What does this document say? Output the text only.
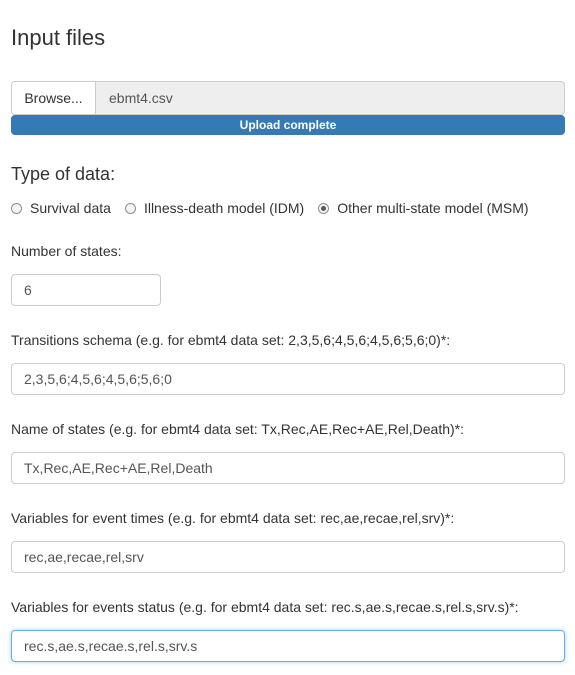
Input files
Browse...	ebmt4.csv
Upload complete
Type of data:
Survival data Illness-death model (IDM) Other multi-state model (MSM)
Number of states:
6
Transitions schema (e.g. for ebmt4 data set: 2,3,5,6;4,5,6;4,5,6;5,6;0)*:
2,3,5,6;4,5,6;4,5,6;5,6;0
Name of states (e.g. for ebmt4 data set: Tx,Rec,AE,Rec+AE,Rel,Death)*:
Tx,Rec,AE,Rec+AE,Rel,Death
Variables for event times (e.g. for ebmt4 data set: rec,ae,recae,rel,srv)*:
rec,ae,recae,rel,srv
Variables for events status (e.g. for ebmt4 data set: rec.s,ae.s,recae.s,rel.s,srv.s)*:
rec.s,ae.s,recae.s,rel.s,srv.s
